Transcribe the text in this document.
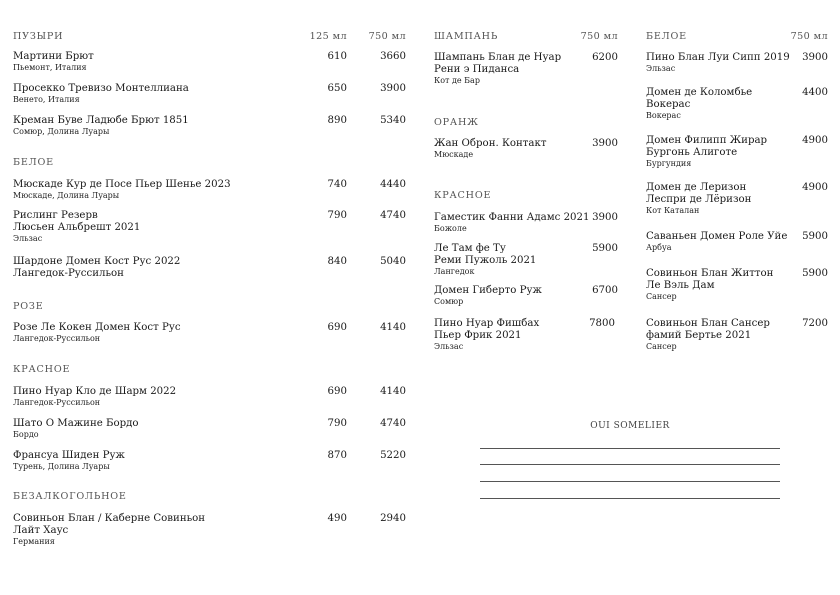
ПУЗЫРИ	125 мл 750 мл
Мартини Брют
Пьемонт, Италия
610	3660
Просекко Тревизо Монтеллиана
Венето, Италия
650	3900
Креман Буве Ладюбе Брют 1851
Сомюр, Долина Луары
890	5340
БЕЛОЕ
Мюскаде Кур де Посе Пьер Шенье 2023
Мюскаде, Долина Луары
740	4440
Рислинг Резерв
Люсьен Альбрешт 2021
Эльзас
790	4740
Шардоне Домен Кост Рус 2022
Лангедок-Руссильон
840	5040
РОЗЕ
Розе Ле Кокен Домен Кост Рус
Лангедок-Руссильон
690	4140
КРАСНОЕ
Пино Нуар Кло де Шарм 2022
Лангедок-Руссильон
690	4140
Шато О Мажине Бордо
Бордо
790	4740
Франсуа Шиден Руж
Турень, Долина Луары
870	5220
БЕЗАЛКОГОЛЬНОЕ
Совиньон Блан / Каберне Совиньон
Лайт Хаус
Германия
490	2940
ШАМПАНЬ	750 мл
Шампань Блан де Нуар
Рени э Пиданса
Кот де Бар
6200
ОРАНЖ
Жан Оброн. Контакт
Мюскаде
3900
КРАСНОЕ
Гаместик Фанни Адамс 2021
Божоле
3900
Ле Там фе Ту
Реми Пужоль 2021
Лангедок
5900
Домен Гиберто Руж
Сомюр
6700
Пино Нуар Фишбах
Пьер Фрик 2021
Эльзас
7800
БЕЛОЕ	750 мл
Пино Блан Луи Сипп 2019
Эльзас
3900
Домен де Коломбье
Вокерас
Вокерас
4400
Домен Филипп Жирар
Бургонь Алиготе
Бургундия
4900
Домен де Леризон
Леспри де Лёризон
Кот Каталан
4900
Саваньен Домен Роле Уйе
Арбуа
5900
Совиньон Блан Життон
Ле Вэль Дам
Сансер
5900
Совиньон Блан Сансер
фамий Бертье 2021
Сансер
7200
OUI SOMELIER
